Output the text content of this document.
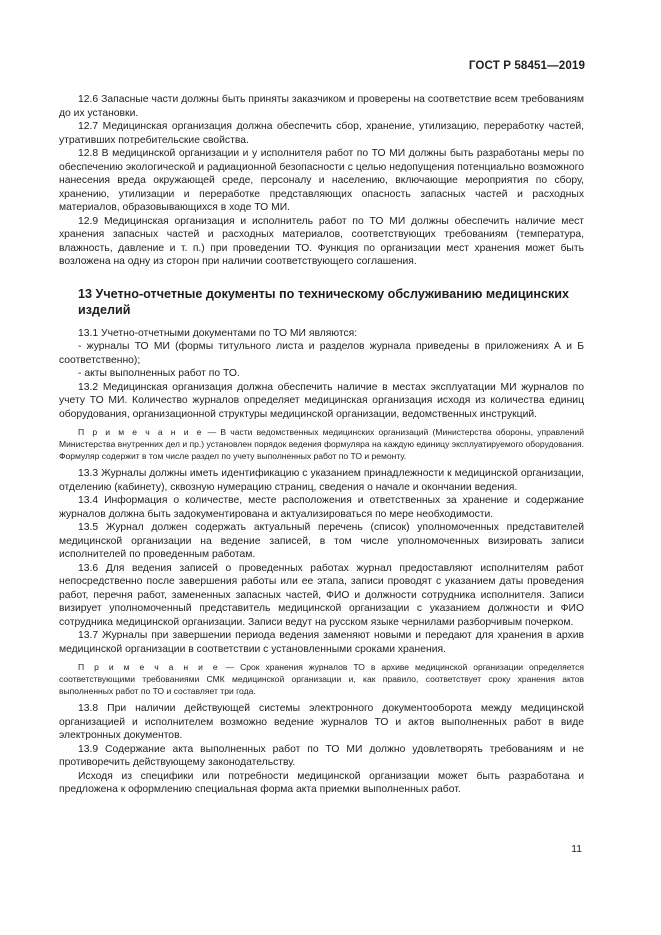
ГОСТ Р 58451—2019

12.6 Запасные части должны быть приняты заказчиком и проверены на соответствие всем требованиям до их установки.

12.7 Медицинская организация должна обеспечить сбор, хранение, утилизацию, переработку частей, утративших потребительские свойства.

12.8 В медицинской организации и у исполнителя работ по ТО МИ должны быть разработаны меры по обеспечению экологической и радиационной безопасности с целью недопущения потенциально возможного нанесения вреда окружающей среде, персоналу и населению, включающие мероприятия по сбору, хранению, утилизации и переработке представляющих опасность запасных частей и расходных материалов, образовывающихся в ходе ТО МИ.

12.9 Медицинская организация и исполнитель работ по ТО МИ должны обеспечить наличие мест хранения запасных частей и расходных материалов, соответствующих требованиям (температура, влажность, давление и т. п.) при проведении ТО. Функция по организации мест хранения может быть возложена на одну из сторон при наличии соответствующего соглашения.

13 Учетно-отчетные документы по техническому обслуживанию медицинских изделий

13.1 Учетно-отчетными документами по ТО МИ являются:

- журналы ТО МИ (формы титульного листа и разделов журнала приведены в приложениях А и Б соответственно);

- акты выполненных работ по ТО.

13.2 Медицинская организация должна обеспечить наличие в местах эксплуатации МИ журналов по учету ТО МИ. Количество журналов определяет медицинская организация исходя из количества единиц оборудования, организационной структуры медицинской организации, ведомственных инструкций.

П р и м е ч а н и е — В части ведомственных медицинских организаций (Министерства обороны, управлений Министерства внутренних дел и пр.) установлен порядок ведения формуляра на каждую единицу эксплуатируемого оборудования. Формуляр содержит в том числе раздел по учету выполненных работ по ТО и ремонту.

13.3 Журналы должны иметь идентификацию с указанием принадлежности к медицинской организации, отделению (кабинету), сквозную нумерацию страниц, сведения о начале и окончании ведения.

13.4 Информация о количестве, месте расположения и ответственных за хранение и содержание журналов должна быть задокументирована и актуализироваться по мере необходимости.

13.5 Журнал должен содержать актуальный перечень (список) уполномоченных представителей медицинской организации на ведение записей, в том числе уполномоченных визировать записи исполнителей по проведенным работам.

13.6 Для ведения записей о проведенных работах журнал предоставляют исполнителям работ непосредственно после завершения работы или ее этапа, записи проводят с указанием даты проведения работ, перечня работ, замененных запасных частей, ФИО и должности сотрудника исполнителя. Записи визирует уполномоченный представитель медицинской организации с указанием должности и ФИО сотрудника медицинской организации. Записи ведут на русском языке чернилами разборчивым почерком.

13.7 Журналы при завершении периода ведения заменяют новыми и передают для хранения в архив медицинской организации в соответствии с установленными сроками хранения.

П р и м е ч а н и е — Срок хранения журналов ТО в архиве медицинской организации определяется соответствующими требованиями СМК медицинской организации и, как правило, соответствует сроку хранения актов выполненных работ по ТО и составляет три года.

13.8 При наличии действующей системы электронного документооборота между медицинской организацией и исполнителем возможно ведение журналов ТО и актов выполненных работ в виде электронных документов.

13.9 Содержание акта выполненных работ по ТО МИ должно удовлетворять требованиям и не противоречить действующему законодательству.

Исходя из специфики или потребности медицинской организации может быть разработана и предложена к оформлению специальная форма акта приемки выполненных работ.

11
